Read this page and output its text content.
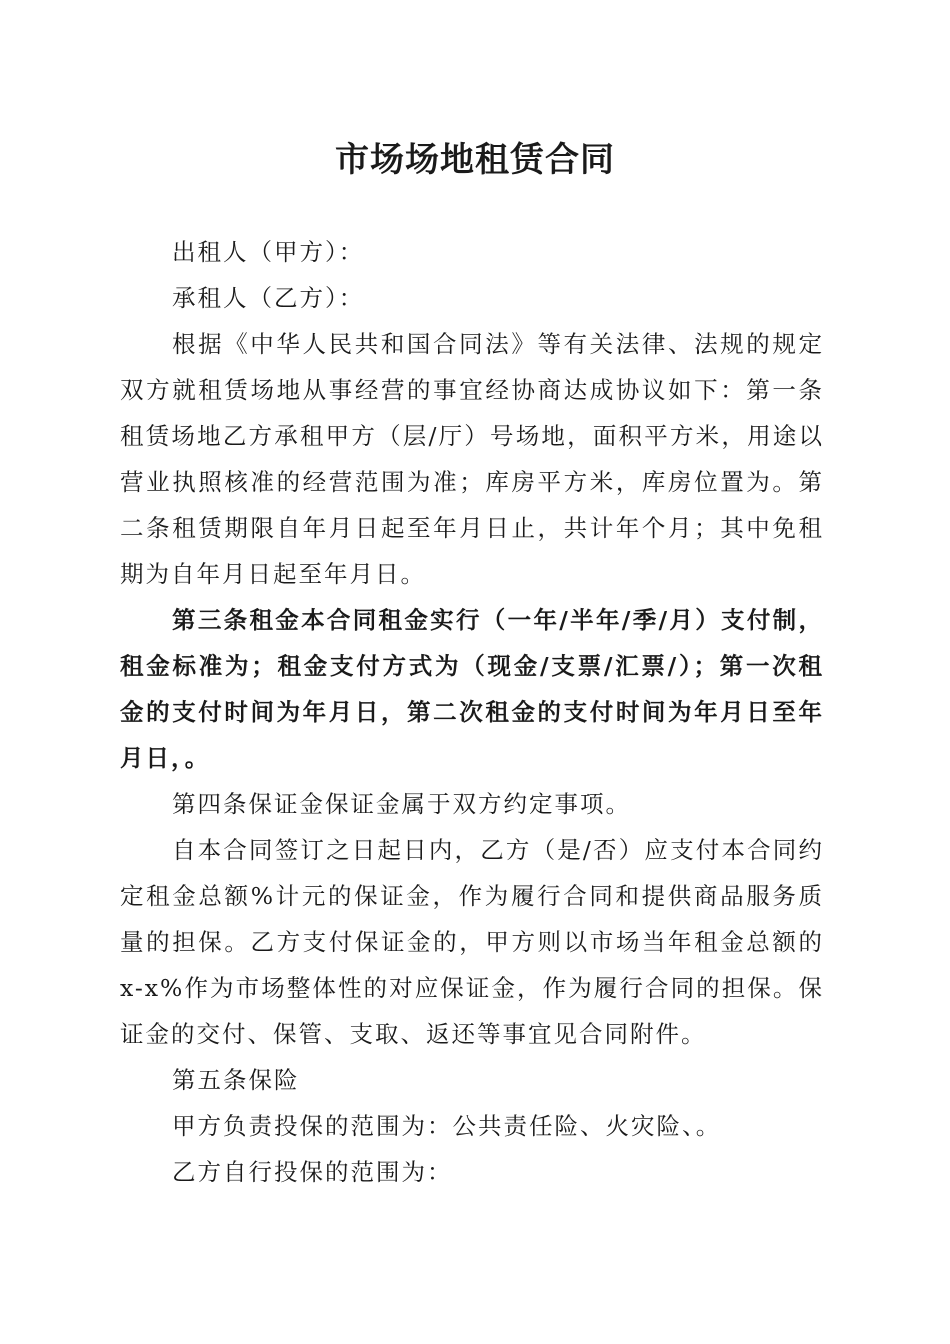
市场场地租赁合同

出租人（甲方）：

承租人（乙方）：

根据《中华人民共和国合同法》等有关法律、法规的规定双方就租赁场地从事经营的事宜经协商达成协议如下：第一条租赁场地乙方承租甲方（层/厅）号场地，面积平方米，用途以营业执照核准的经营范围为准；库房平方米，库房位置为。第二条租赁期限自年月日起至年月日止，共计年个月；其中免租期为自年月日起至年月日。

第三条租金本合同租金实行（一年/半年/季/月）支付制，租金标准为；租金支付方式为（现金/支票/汇票/）；第一次租金的支付时间为年月日，第二次租金的支付时间为年月日至年月日，。

第四条保证金保证金属于双方约定事项。

自本合同签订之日起日内，乙方（是/否）应支付本合同约定租金总额%计元的保证金，作为履行合同和提供商品服务质量的担保。乙方支付保证金的，甲方则以市场当年租金总额的x-x%作为市场整体性的对应保证金，作为履行合同的担保。保证金的交付、保管、支取、返还等事宜见合同附件。

第五条保险

甲方负责投保的范围为：公共责任险、火灾险、。

乙方自行投保的范围为：
